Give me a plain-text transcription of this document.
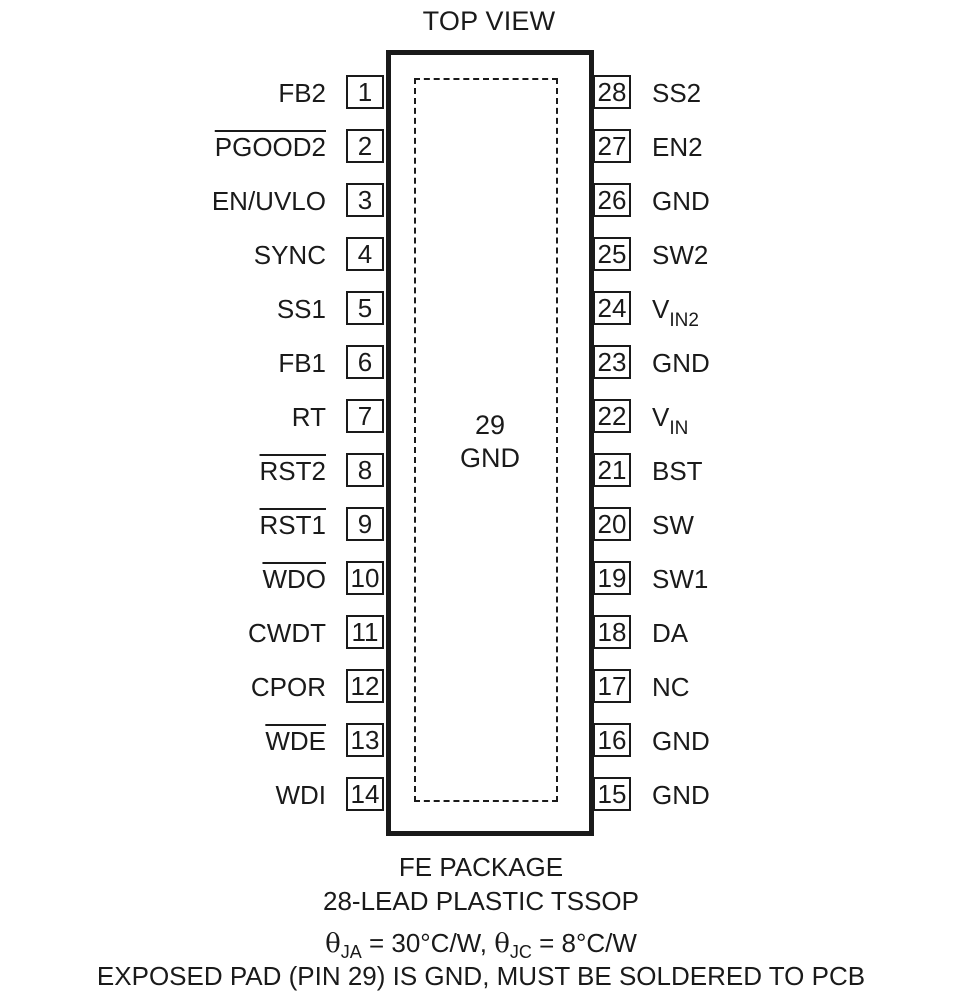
TOP VIEW
29
GND
1
FB2
2
PGOOD2
3
EN/UVLO
4
SYNC
5
SS1
6
FB1
7
RT
8
RST2
9
RST1
10
$\overline{WDO}$
11
CWDT
12
CPOR
13
$\overline{WDE}$
14
WDI
28 SS2
27 EN2
26 GND
25 SW2
24 $V_{IN2}$
23 GND
22 $V_{IN}$
21 BST
20 SW
19 SW1
18 DA
17 NC
16 GND
15 GND
FE PACKAGE
28-LEAD PLASTIC TSSOP
$\theta_{JA} = 30^\circ C/W$, $\theta_{JC} = 8^\circ C/W$
EXPOSED PAD (PIN 29) IS GND, MUST BE SOLDERED TO PCB
